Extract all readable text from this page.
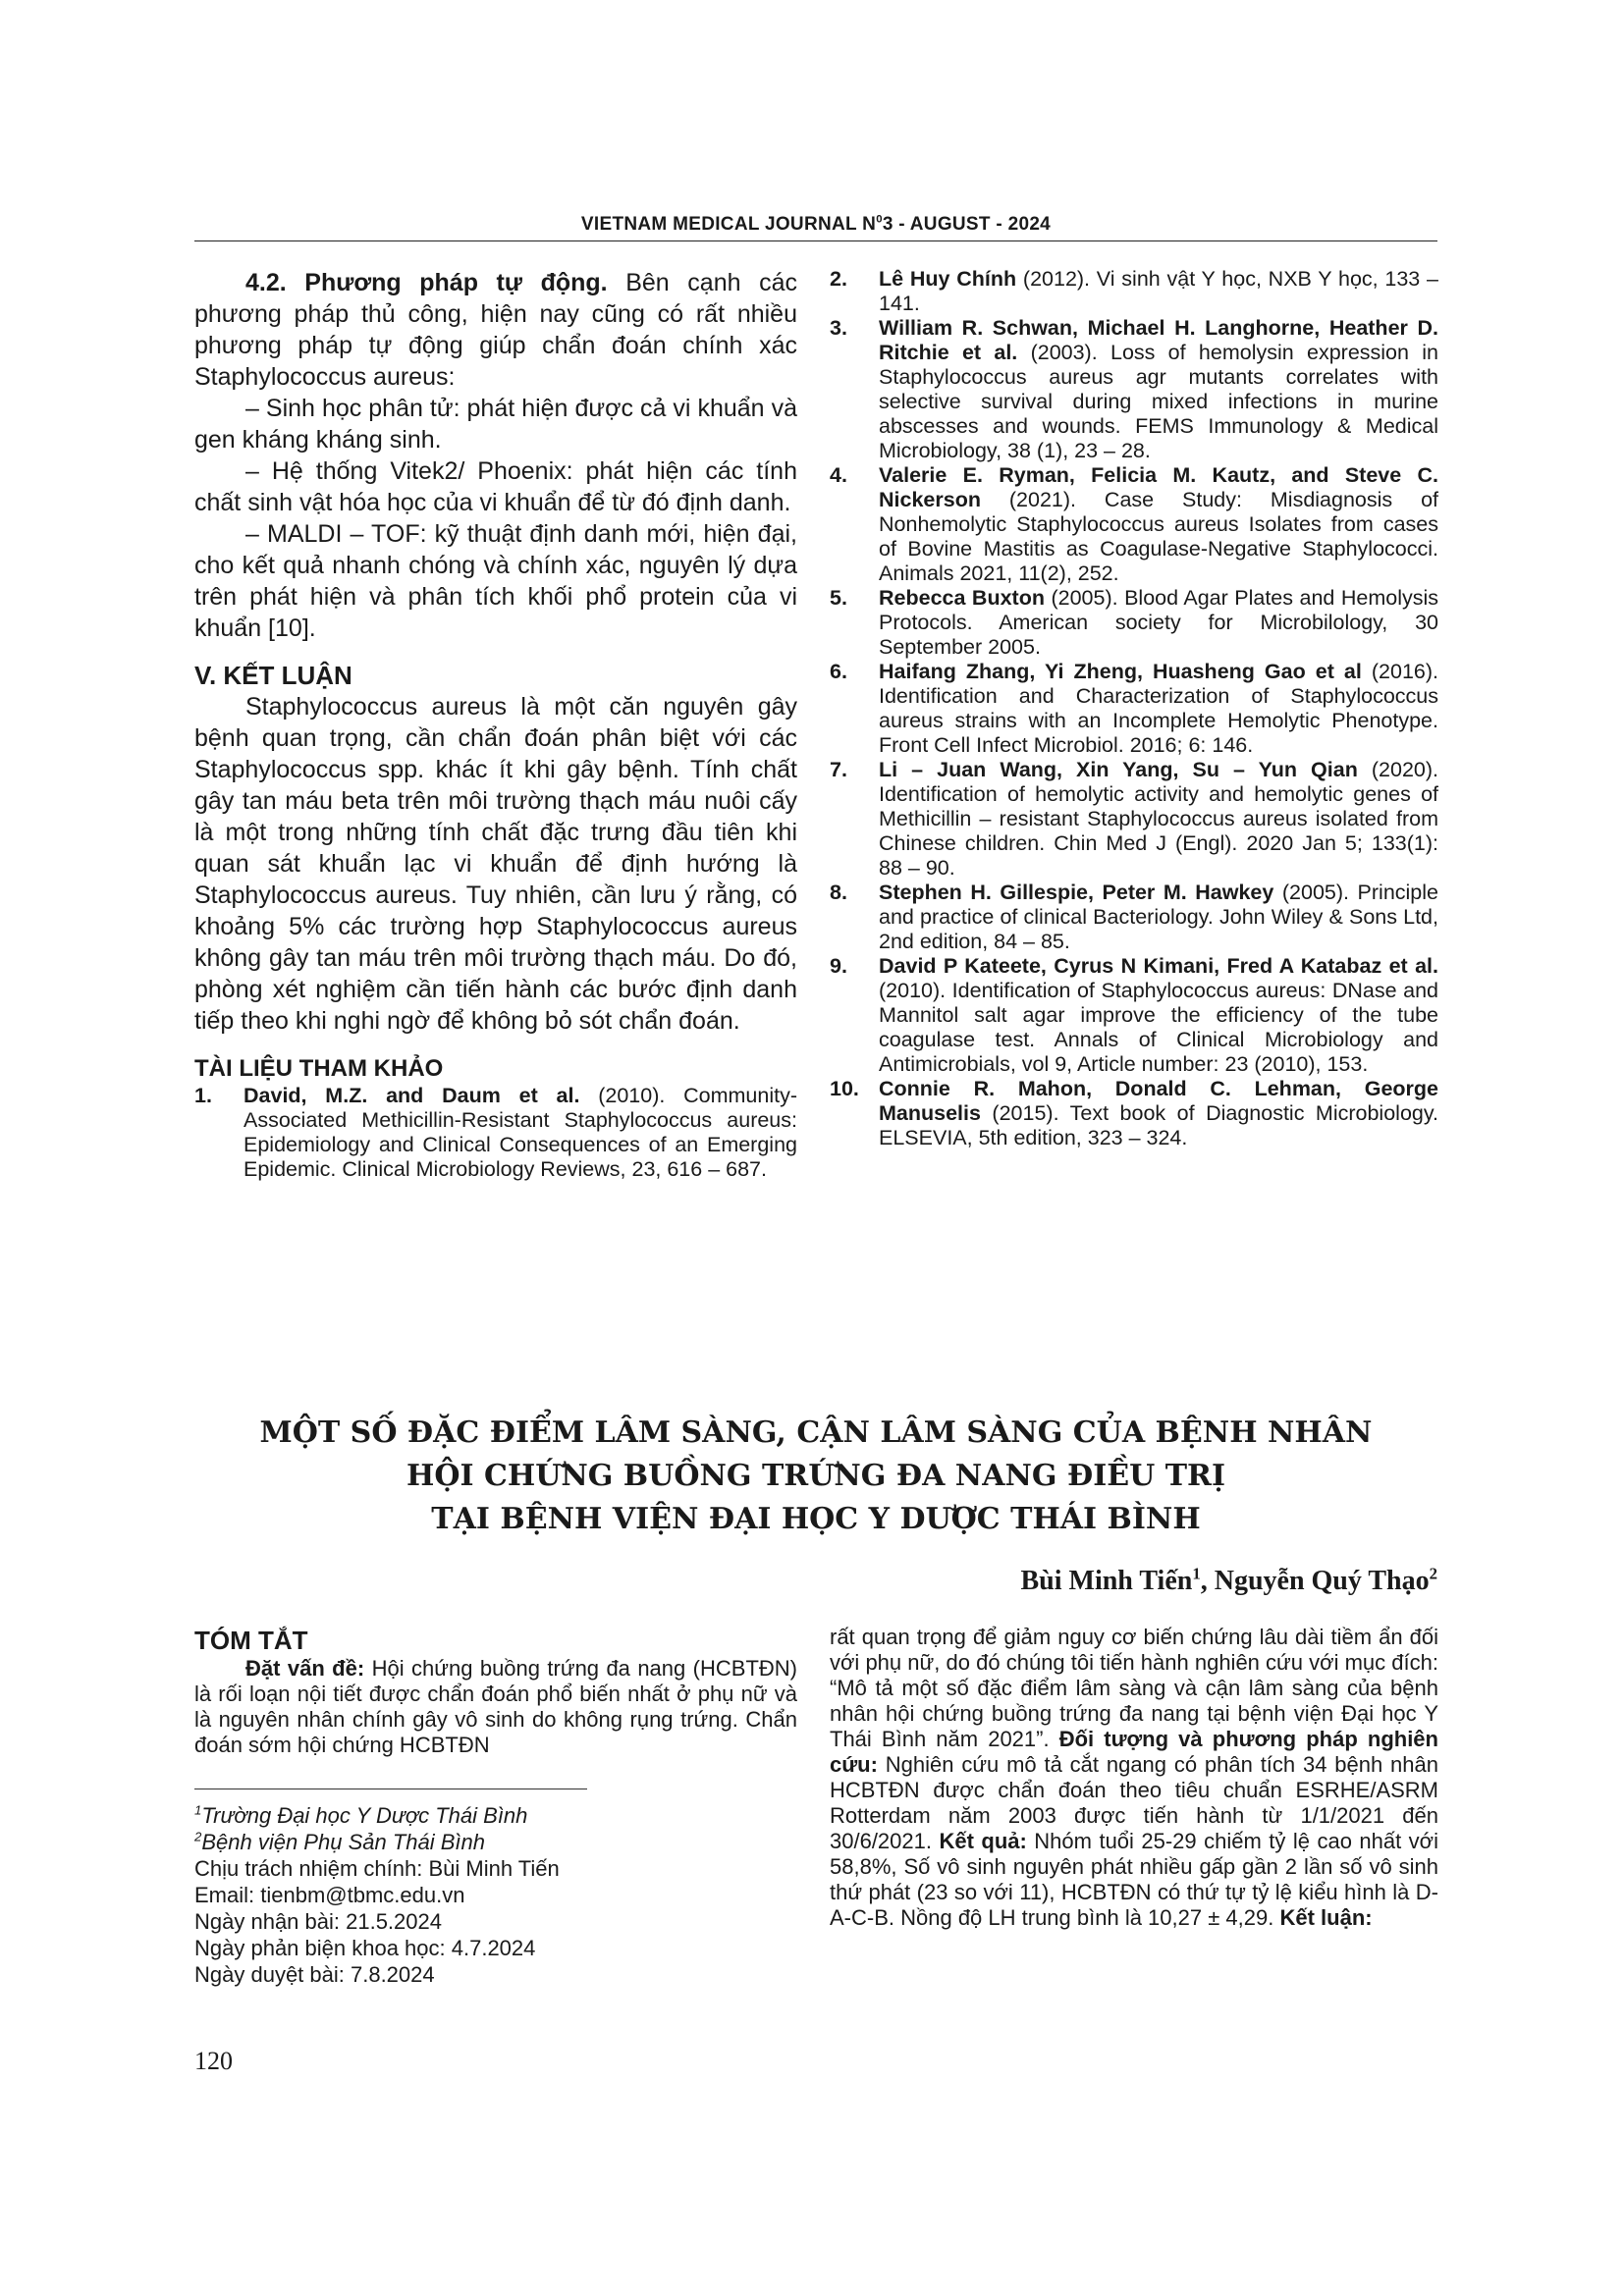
VIETNAM MEDICAL JOURNAL $N^03$ - AUGUST - 2024

4.2. Phương pháp tự động. Bên cạnh các phương pháp thủ công, hiện nay cũng có rất nhiều phương pháp tự động giúp chẩn đoán chính xác Staphylococcus aureus:

– Sinh học phân tử: phát hiện được cả vi khuẩn và gen kháng kháng sinh.

– Hệ thống Vitek2/ Phoenix: phát hiện các tính chất sinh vật hóa học của vi khuẩn để từ đó định danh.

– MALDI – TOF: kỹ thuật định danh mới, hiện đại, cho kết quả nhanh chóng và chính xác, nguyên lý dựa trên phát hiện và phân tích khối phổ protein của vi khuẩn [10].

V. KẾT LUẬN

Staphylococcus aureus là một căn nguyên gây bệnh quan trọng, cần chẩn đoán phân biệt với các Staphylococcus spp. khác ít khi gây bệnh. Tính chất gây tan máu beta trên môi trường thạch máu nuôi cấy là một trong những tính chất đặc trưng đầu tiên khi quan sát khuẩn lạc vi khuẩn để định hướng là Staphylococcus aureus. Tuy nhiên, cần lưu ý rằng, có khoảng 5% các trường hợp Staphylococcus aureus không gây tan máu trên môi trường thạch máu. Do đó, phòng xét nghiệm cần tiến hành các bước định danh tiếp theo khi nghi ngờ để không bỏ sót chẩn đoán.

TÀI LIỆU THAM KHẢO
1. David, M.Z. and Daum et al. (2010). Community-Associated Methicillin-Resistant Staphylococcus aureus: Epidemiology and Clinical Consequences of an Emerging Epidemic. Clinical Microbiology Reviews, 23, 616 – 687.
2. Lê Huy Chính (2012). Vi sinh vật Y học, NXB Y học, 133 – 141.
3. William R. Schwan, Michael H. Langhorne, Heather D. Ritchie et al. (2003). Loss of hemolysin expression in Staphylococcus aureus agr mutants correlates with selective survival during mixed infections in murine abscesses and wounds. FEMS Immunology & Medical Microbiology, 38 (1), 23 – 28.
4. Valerie E. Ryman, Felicia M. Kautz, and Steve C. Nickerson (2021). Case Study: Misdiagnosis of Nonhemolytic Staphylococcus aureus Isolates from cases of Bovine Mastitis as Coagulase-Negative Staphylococci. Animals 2021, 11(2), 252.
5. Rebecca Buxton (2005). Blood Agar Plates and Hemolysis Protocols. American society for Microbilology, 30 September 2005.
6. Haifang Zhang, Yi Zheng, Huasheng Gao et al (2016). Identification and Characterization of Staphylococcus aureus strains with an Incomplete Hemolytic Phenotype. Front Cell Infect Microbiol. 2016; 6: 146.
7. Li – Juan Wang, Xin Yang, Su – Yun Qian (2020). Identification of hemolytic activity and hemolytic genes of Methicillin – resistant Staphylococcus aureus isolated from Chinese children. Chin Med J (Engl). 2020 Jan 5; 133(1): 88 – 90.
8. Stephen H. Gillespie, Peter M. Hawkey (2005). Principle and practice of clinical Bacteriology. John Wiley & Sons Ltd, 2nd edition, 84 – 85.
9. David P Kateete, Cyrus N Kimani, Fred A Katabaz et al. (2010). Identification of Staphylococcus aureus: DNase and Mannitol salt agar improve the efficiency of the tube coagulase test. Annals of Clinical Microbiology and Antimicrobials, vol 9, Article number: 23 (2010), 153.
10. Connie R. Mahon, Donald C. Lehman, George Manuselis (2015). Text book of Diagnostic Microbiology. ELSEVIA, 5th edition, 323 – 324.
MỘT SỐ ĐẶC ĐIỂM LÂM SÀNG, CẬN LÂM SÀNG CỦA BỆNH NHÂN
HỘI CHỨNG BUỒNG TRỨNG ĐA NANG ĐIỀU TRỊ
TẠI BỆNH VIỆN ĐẠI HỌC Y DƯỢC THÁI BÌNH
Bùi Minh Tiến$^1$, Nguyễn Quý Thạo$^2$
TÓM TẮT

Đặt vấn đề: Hội chứng buồng trứng đa nang (HCBTĐN) là rối loạn nội tiết được chẩn đoán phổ biến nhất ở phụ nữ và là nguyên nhân chính gây vô sinh do không rụng trứng. Chẩn đoán sớm hội chứng HCBTĐN

$^1$Trường Đại học Y Dược Thái Bình
$^2$Bệnh viện Phụ Sản Thái Bình
Chịu trách nhiệm chính: Bùi Minh Tiến
Email: tienbm@tbmc.edu.vn
Ngày nhận bài: 21.5.2024
Ngày phản biện khoa học: 4.7.2024
Ngày duyệt bài: 7.8.2024

rất quan trọng để giảm nguy cơ biến chứng lâu dài tiềm ẩn đối với phụ nữ, do đó chúng tôi tiến hành nghiên cứu với mục đích: “Mô tả một số đặc điểm lâm sàng và cận lâm sàng của bệnh nhân hội chứng buồng trứng đa nang tại bệnh viện Đại học Y Thái Bình năm 2021”. Đối tượng và phương pháp nghiên cứu: Nghiên cứu mô tả cắt ngang có phân tích 34 bệnh nhân HCBTĐN được chẩn đoán theo tiêu chuẩn ESRHE/ASRM Rotterdam năm 2003 được tiến hành từ 1/1/2021 đến 30/6/2021. Kết quả: Nhóm tuổi 25-29 chiếm tỷ lệ cao nhất với 58,8%, Số vô sinh nguyên phát nhiều gấp gần 2 lần số vô sinh thứ phát (23 so với 11), HCBTĐN có thứ tự tỷ lệ kiểu hình là D-A-C-B. Nồng độ LH trung bình là 10,27 ± 4,29. Kết luận:

120
